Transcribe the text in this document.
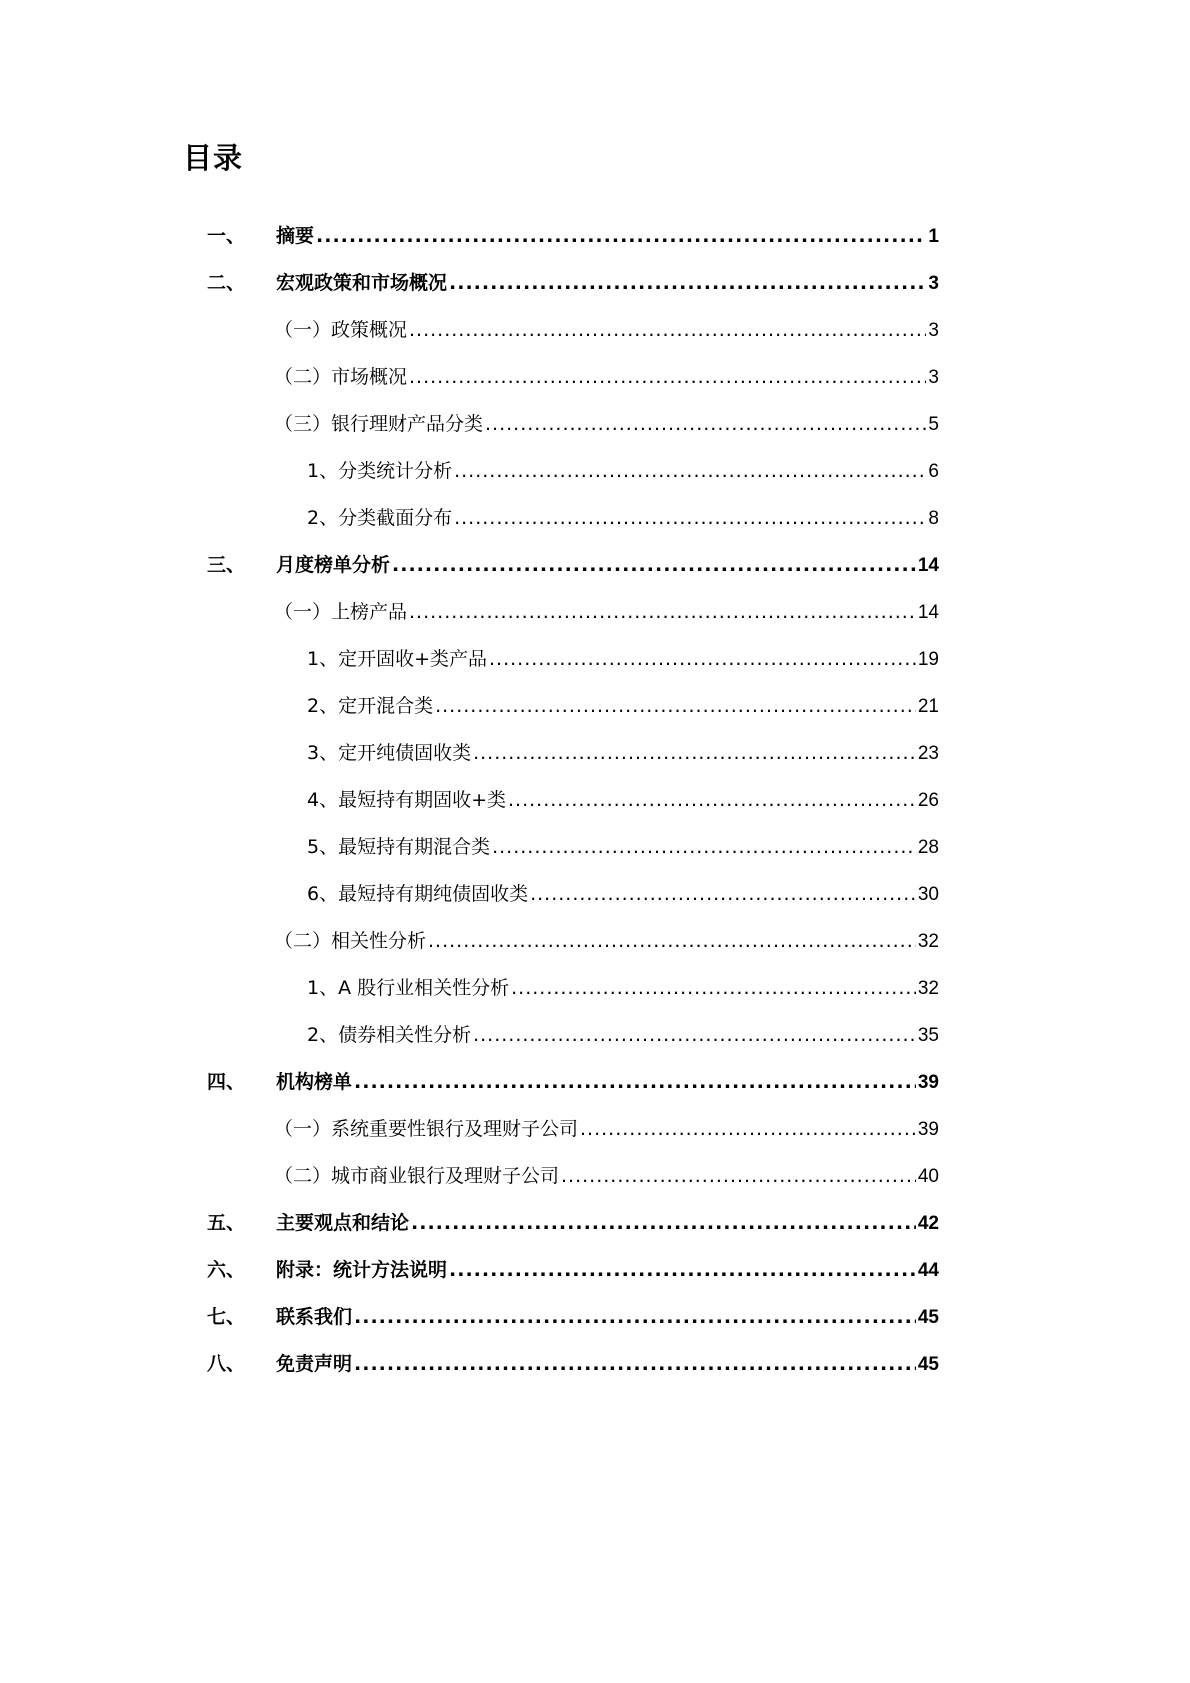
目录
一、	摘要 .....	1
二、	宏观政策和市场概况 .....	3
（一）政策概况 .....	3
（二）市场概况 .....	3
（三）银行理财产品分类 .....	5
1、分类统计分析 .....	6
2、分类截面分布 .....	8
三、	月度榜单分析 .....	14
（一）上榜产品 .....	14
1、定开固收+类产品 .....	19
2、定开混合类 .....	21
3、定开纯债固收类 .....	23
4、最短持有期固收+类 .....	26
5、最短持有期混合类 .....	28
6、最短持有期纯债固收类 .....	30
（二）相关性分析 .....	32
1、A 股行业相关性分析 .....	32
2、债券相关性分析 .....	35
四、	机构榜单 .....	39
（一）系统重要性银行及理财子公司 .....	39
（二）城市商业银行及理财子公司 .....	40
五、	主要观点和结论 .....	42
六、	附录：统计方法说明 .....	44
七、	联系我们 .....	45
八、	免责声明 .....	45
